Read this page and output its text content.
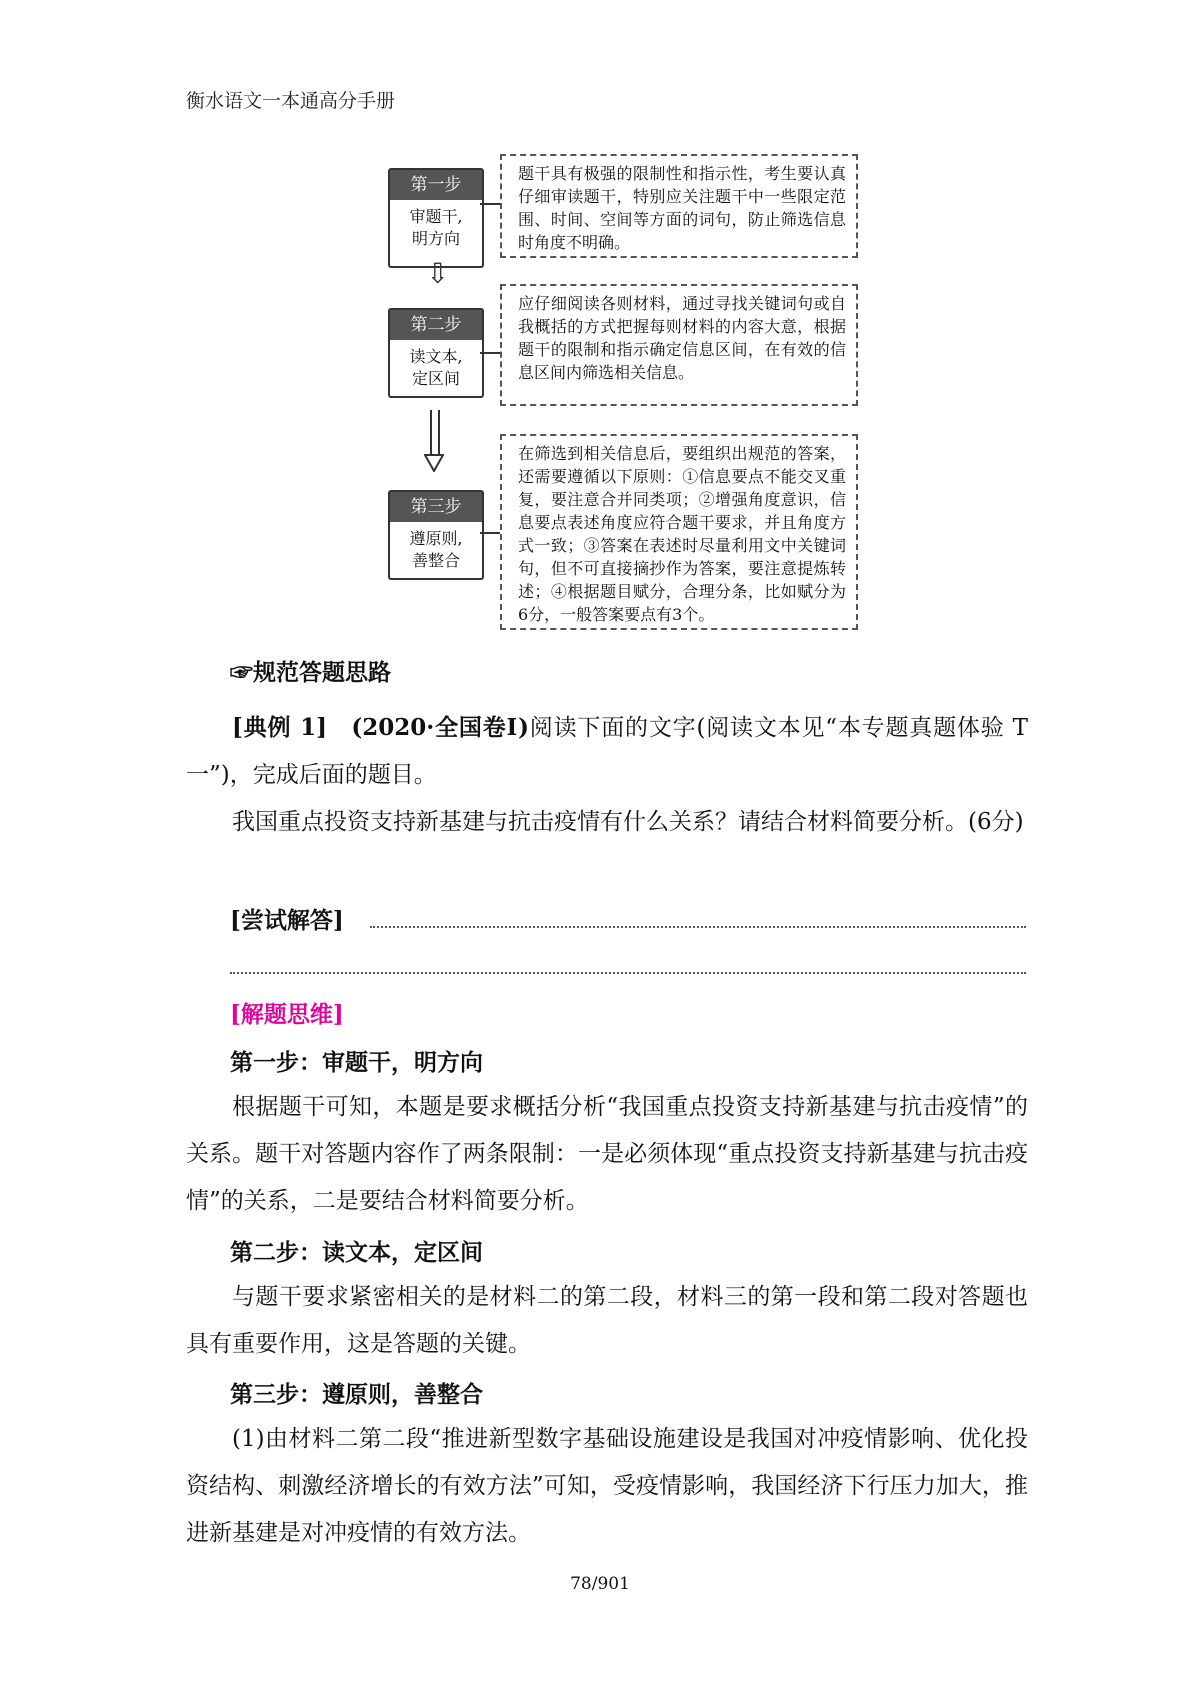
衡水语文一本通高分手册
第一步
审题干,
明方向
题干具有极强的限制性和指示性，考生要认真仔细审读题干，特别应关注题干中一些限定范围、时间、空间等方面的词句，防止筛选信息时角度不明确。
⇩
第二步
读文本,
定区间
应仔细阅读各则材料，通过寻找关键词句或自我概括的方式把握每则材料的内容大意，根据题干的限制和指示确定信息区间，在有效的信息区间内筛选相关信息。
第三步
遵原则,
善整合
在筛选到相关信息后，要组织出规范的答案，还需要遵循以下原则：①信息要点不能交叉重复，要注意合并同类项；②增强角度意识，信息要点表述角度应符合题干要求，并且角度方式一致；③答案在表述时尽量利用文中关键词句，但不可直接摘抄作为答案，要注意提炼转述；④根据题目赋分，合理分条，比如赋分为6分，一般答案要点有3个。
☞规范答题思路

[典例 1] (2020·全国卷Ⅰ)阅读下面的文字(阅读文本见“本专题真题体验 T一”)，完成后面的题目。

我国重点投资支持新基建与抗击疫情有什么关系？请结合材料简要分析。(6分)

[尝试解答]
[解题思维]
第一步：审题干，明方向

根据题干可知，本题是要求概括分析“我国重点投资支持新基建与抗击疫情”的关系。题干对答题内容作了两条限制：一是必须体现“重点投资支持新基建与抗击疫情”的关系，二是要结合材料简要分析。

第二步：读文本，定区间

与题干要求紧密相关的是材料二的第二段，材料三的第一段和第二段对答题也具有重要作用，这是答题的关键。

第三步：遵原则，善整合

(1)由材料二第二段“推进新型数字基础设施建设是我国对冲疫情影响、优化投资结构、刺激经济增长的有效方法”可知，受疫情影响，我国经济下行压力加大，推进新基建是对冲疫情的有效方法。

78/901
